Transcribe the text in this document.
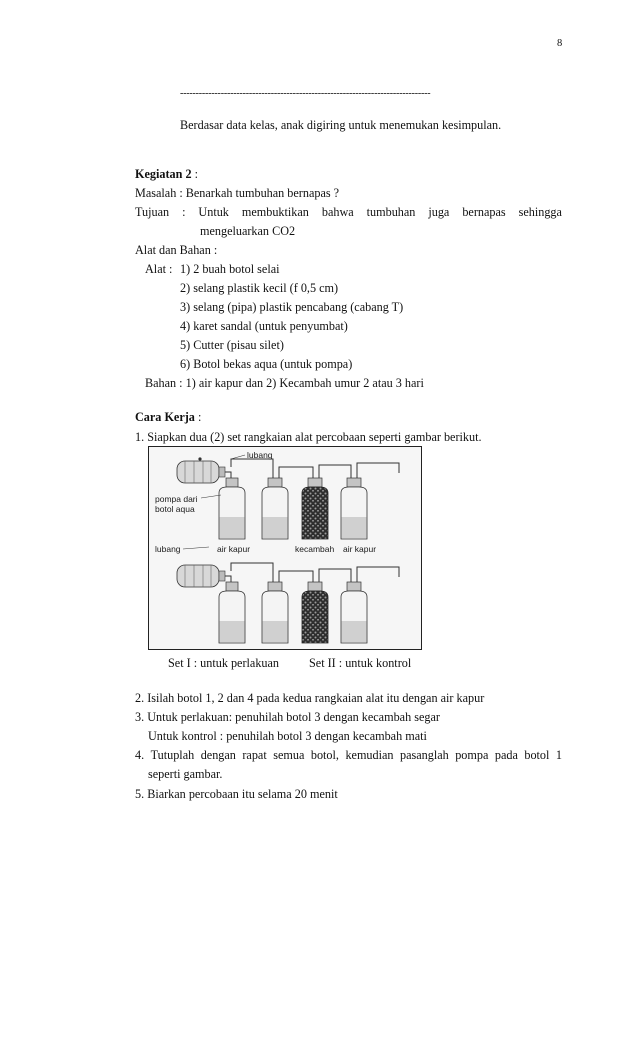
8
--------------------------------------------------------------------------------
Berdasar data kelas, anak digiring untuk menemukan kesimpulan.
Kegiatan 2 :
Masalah : Benarkah tumbuhan bernapas ?
Tujuan : Untuk membuktikan bahwa tumbuhan juga bernapas sehingga
mengeluarkan CO2
Alat dan Bahan :
Alat : 1) 2 buah botol selai
2) selang plastik kecil (f 0,5 cm)
3) selang (pipa) plastik pencabang (cabang T)
4) karet sandal (untuk penyumbat)
5) Cutter (pisau silet)
6) Botol bekas aqua (untuk pompa)
Bahan : 1) air kapur dan 2) Kecambah umur 2 atau 3 hari
Cara Kerja :
1. Siapkan dua (2) set rangkaian alat percobaan seperti gambar berikut.
lubang
pompa dari
botol aqua
lubang	air kapur	kecambah air kapur
Set I : untuk perlakuan Set II : untuk kontrol
2. Isilah botol 1, 2 dan 4 pada kedua rangkaian alat itu dengan air kapur
3. Untuk perlakuan: penuhilah botol 3 dengan kecambah segar
Untuk kontrol : penuhilah botol 3 dengan kecambah mati
4. Tutuplah dengan rapat semua botol, kemudian pasanglah pompa pada botol 1
seperti gambar.
5. Biarkan percobaan itu selama 20 menit
